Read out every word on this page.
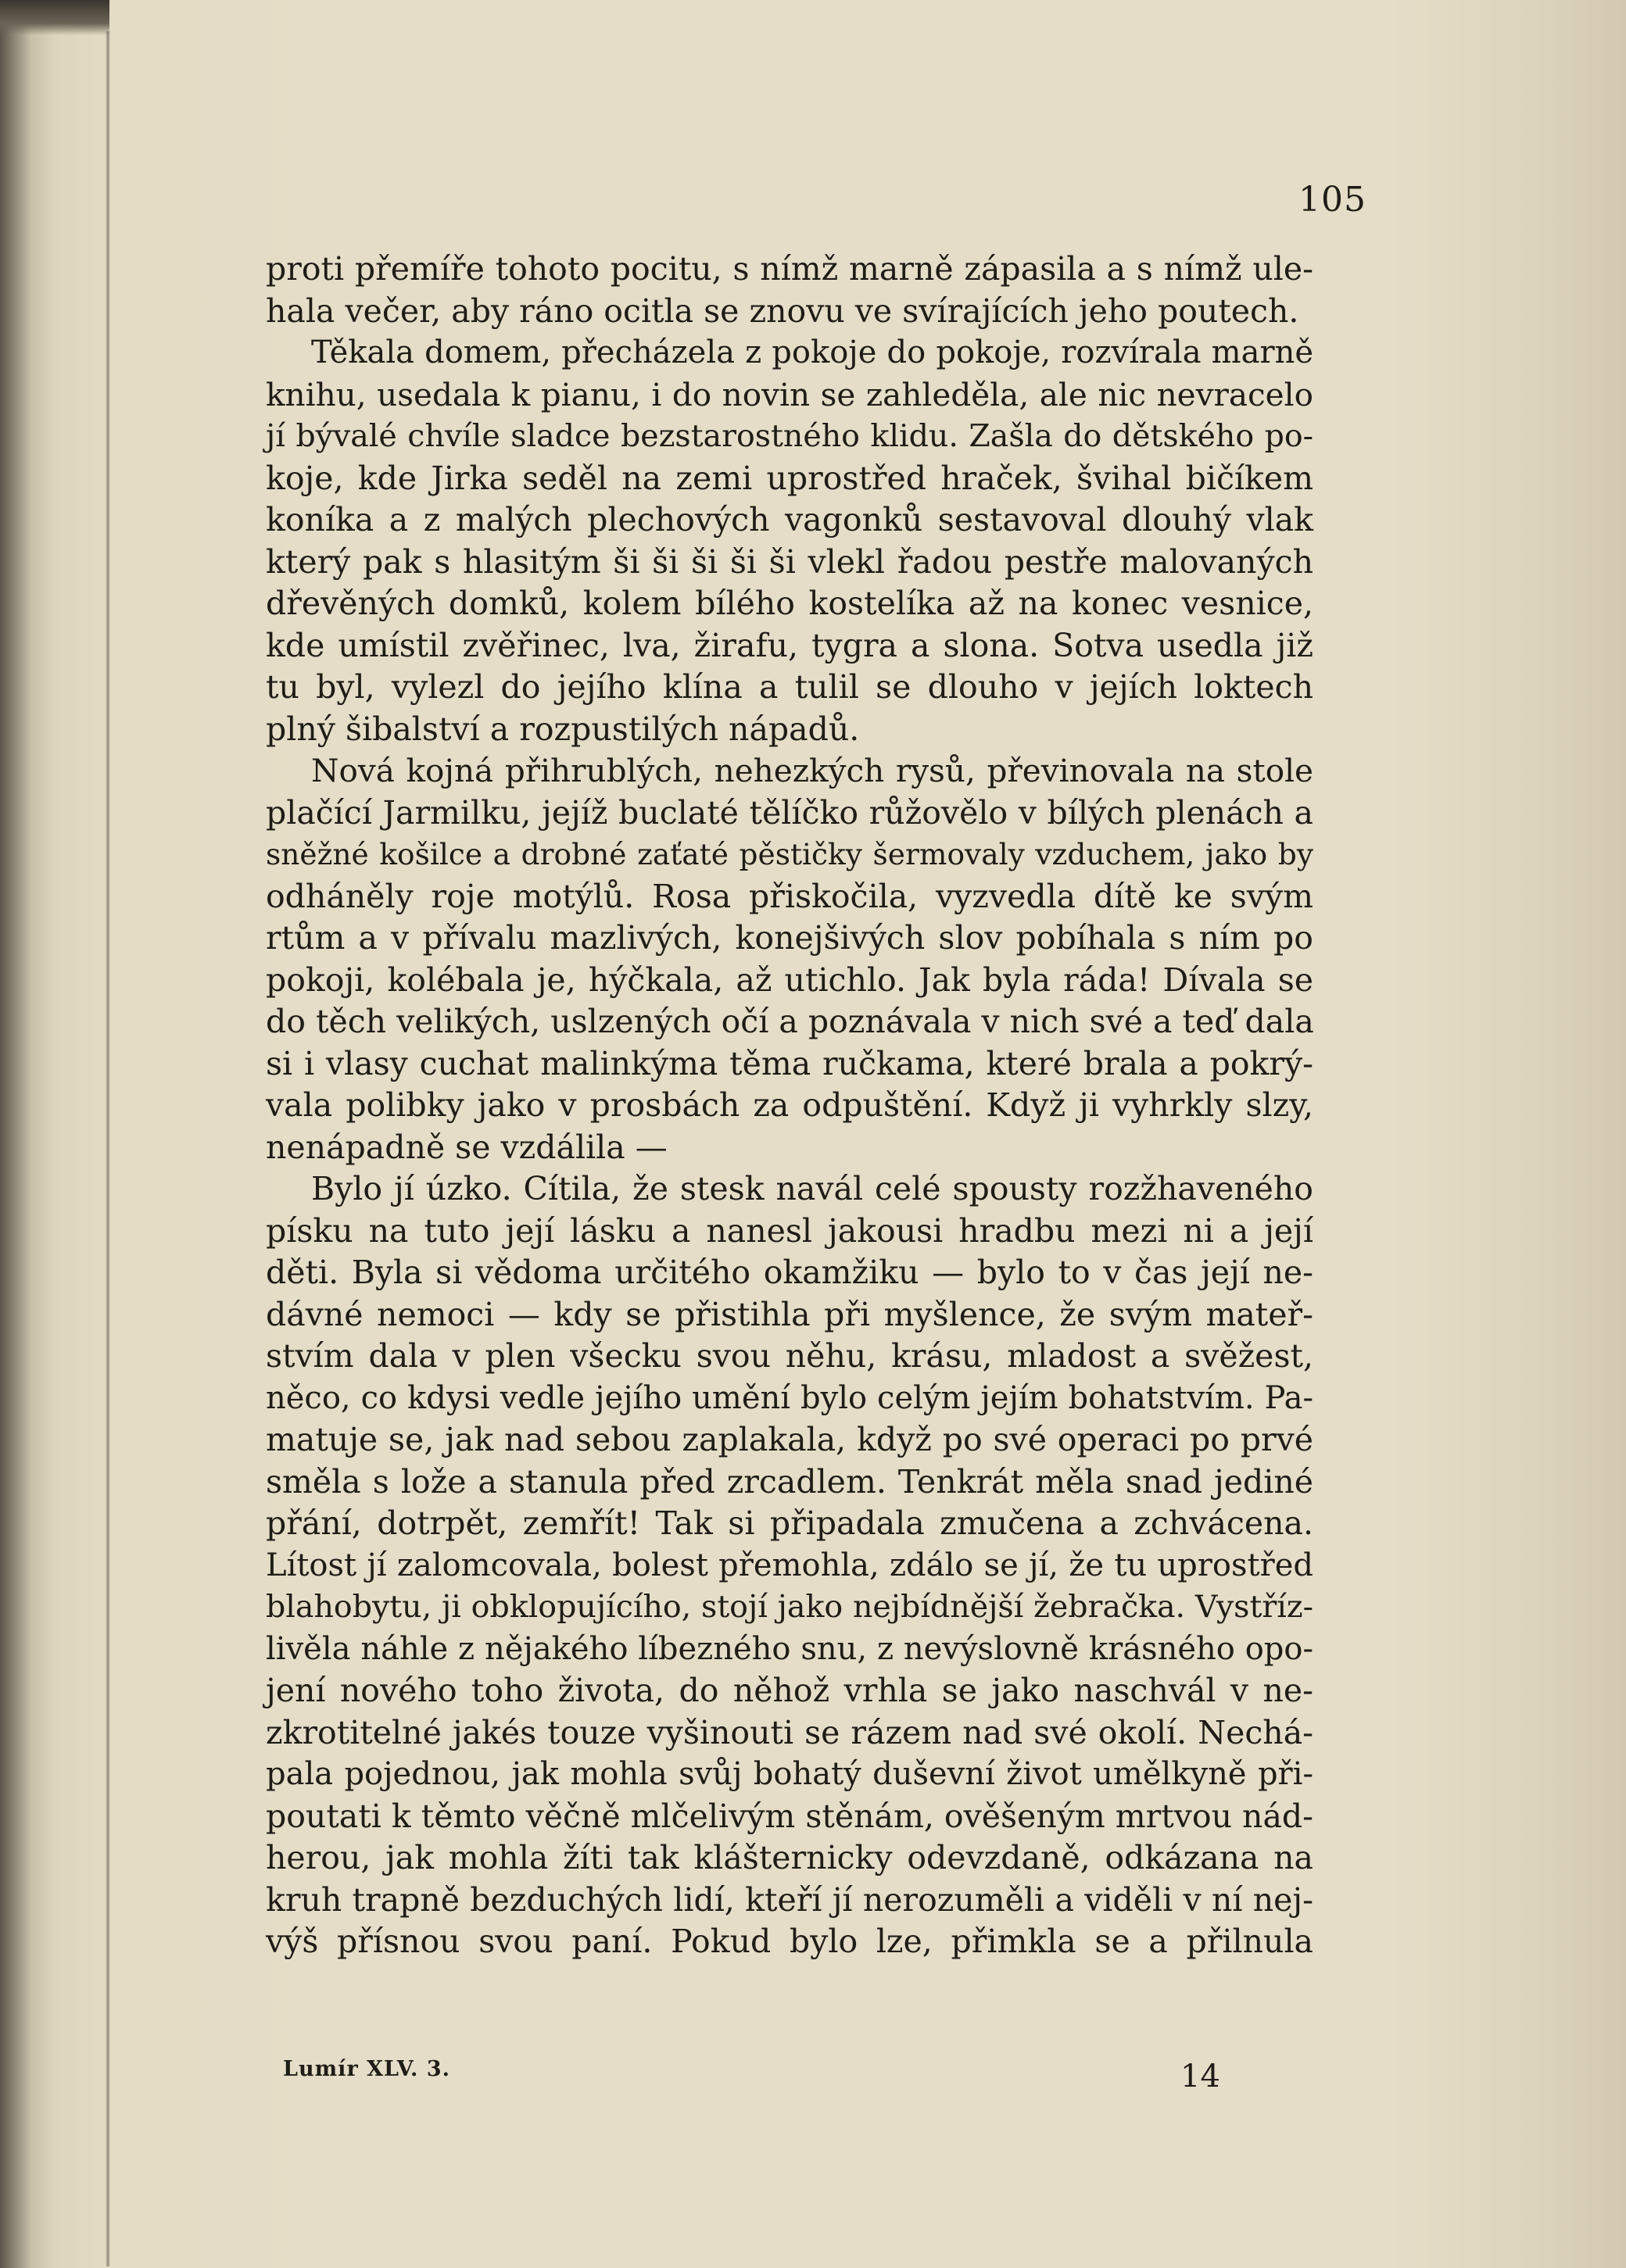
105
proti přemíře tohoto pocitu, s nímž marně zápasila a s nímž ule-
hala večer, aby ráno ocitla se znovu ve svírajících jeho poutech.
Těkala domem, přecházela z pokoje do pokoje, rozvírala marně
knihu, usedala k pianu, i do novin se zahleděla, ale nic nevracelo
jí bývalé chvíle sladce bezstarostného klidu. Zašla do dětského po-
koje, kde Jirka seděl na zemi uprostřed hraček, švihal bičíkem
koníka a z malých plechových vagonků sestavoval dlouhý vlak
který pak s hlasitým ši ši ši ši ši vlekl řadou pestře malovaných
dřevěných domků, kolem bílého kostelíka až na konec vesnice,
kde umístil zvěřinec, lva, žirafu, tygra a slona. Sotva usedla již
tu byl, vylezl do jejího klína a tulil se dlouho v jejích loktech
plný šibalství a rozpustilých nápadů.
Nová kojná přihrublých, nehezkých rysů, převinovala na stole
plačící Jarmilku, jejíž buclaté tělíčko růžovělo v bílých plenách a
sněžné košilce a drobné zaťaté pěstičky šermovaly vzduchem, jako by
odháněly roje motýlů. Rosa přiskočila, vyzvedla dítě ke svým
rtům a v přívalu mazlivých, konejšivých slov pobíhala s ním po
pokoji, kolébala je, hýčkala, až utichlo. Jak byla ráda! Dívala se
do těch velikých, uslzených očí a poznávala v nich své a teď dala
si i vlasy cuchat malinkýma těma ručkama, které brala a pokrý-
vala polibky jako v prosbách za odpuštění. Když ji vyhrkly slzy,
nenápadně se vzdálila —
Bylo jí úzko. Cítila, že stesk navál celé spousty rozžhaveného
písku na tuto její lásku a nanesl jakousi hradbu mezi ni a její
děti. Byla si vědoma určitého okamžiku — bylo to v čas její ne-
dávné nemoci — kdy se přistihla při myšlence, že svým mateř-
stvím dala v plen všecku svou něhu, krásu, mladost a svěžest,
něco, co kdysi vedle jejího umění bylo celým jejím bohatstvím. Pa-
matuje se, jak nad sebou zaplakala, když po své operaci po prvé
směla s lože a stanula před zrcadlem. Tenkrát měla snad jediné
přání, dotrpět, zemřít! Tak si připadala zmučena a zchvácena.
Lítost jí zalomcovala, bolest přemohla, zdálo se jí, že tu uprostřed
blahobytu, ji obklopujícího, stojí jako nejbídnější žebračka. Vystříz-
livěla náhle z nějakého líbezného snu, z nevýslovně krásného opo-
jení nového toho života, do něhož vrhla se jako naschvál v ne-
zkrotitelné jakés touze vyšinouti se rázem nad své okolí. Nechá-
pala pojednou, jak mohla svůj bohatý duševní život umělkyně při-
poutati k těmto věčně mlčelivým stěnám, ověšeným mrtvou nád-
herou, jak mohla žíti tak klášternicky odevzdaně, odkázana na
kruh trapně bezduchých lidí, kteří jí nerozuměli a viděli v ní nej-
výš přísnou svou paní. Pokud bylo lze, přimkla se a přilnula
Lumír XLV. 3.	14
